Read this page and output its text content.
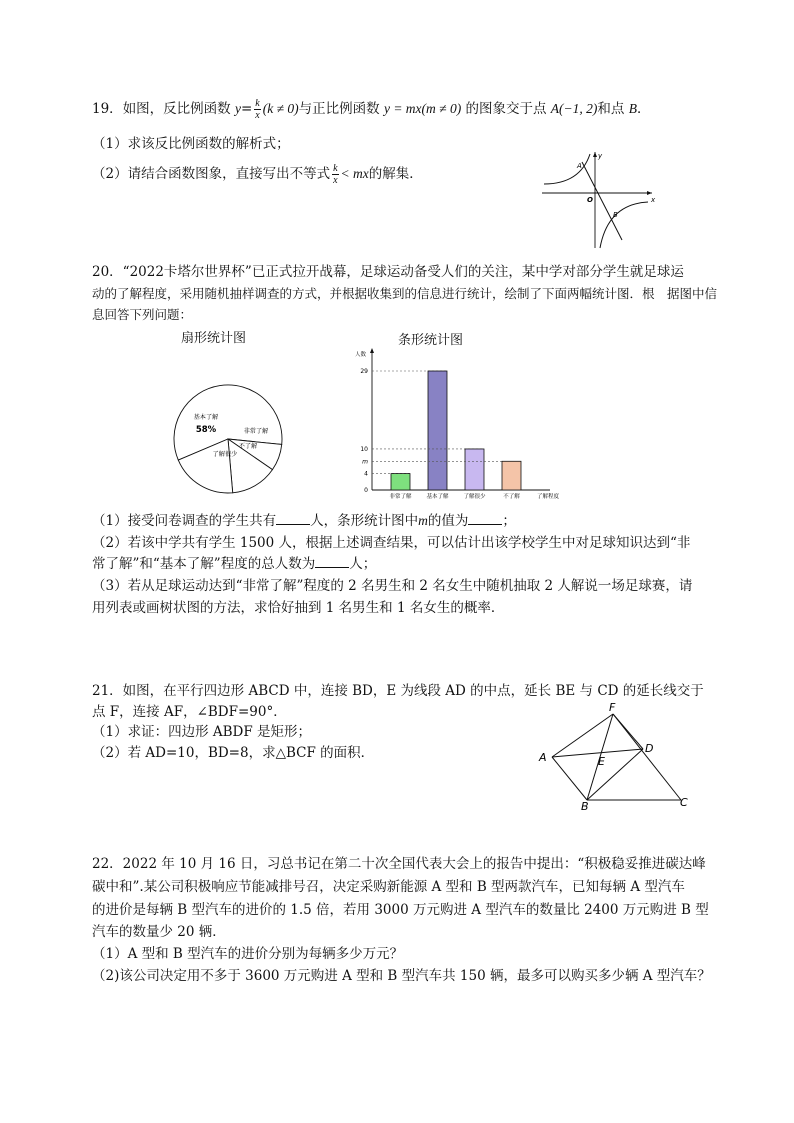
19．如图，反比例函数 $y= \frac{k}{x} (k \ne 0)$与正比例函数 y = mx(m ≠ 0) 的图象交于点 A(−1, 2)和点 B．
（1）求该反比例函数的解析式；
（2）请结合函数图象，直接写出不等式 $\frac{k}{x}$ < mx的解集．	A
B
O	x
y
20．“2022卡塔尔世界杯”已正式拉开战幕，足球运动备受人们的关注，某中学对部分学生就足球运
动的了解程度，采用随机抽样调查的方式，并根据收集到的信息进行统计，绘制了下面两幅统计图．根　据图中信
息回答下列问题：
扇形统计图	条形统计图
基本了解
非常了解
不了解
了解很少
58%
人数
了解程度
0
4
m
10
29
非常了解	基本了解	了解很少	不了解
（1）接受问卷调查的学生共有	人，条形统计图中m的值为	；
（2）若该中学共有学生 1500 人，根据上述调查结果，可以估计出该学校学生中对足球知识达到“非
常了解”和“基本了解”程度的总人数为	人；
（3）若从足球运动达到“非常了解”程度的 2 名男生和 2 名女生中随机抽取 2 人解说一场足球赛，请
用列表或画树状图的方法，求恰好抽到 1 名男生和 1 名女生的概率．
21．如图，在平行四边形 ABCD 中，连接 BD，E 为线段 AD 的中点，延长 BE 与 CD 的延长线交于
点 F，连接 AF，∠BDF=90°．
（1）求证：四边形 ABDF 是矩形；
（2）若 AD=10，BD=8，求△BCF 的面积．	A
B	C
D
E
F
22．2022 年 10 月 16 日，习总书记在第二十次全国代表大会上的报告中提出：“积极稳妥推进碳达峰
碳中和”.某公司积极响应节能减排号召，决定采购新能源 A 型和 B 型两款汽车，已知每辆 A 型汽车
的进价是每辆 B 型汽车的进价的 1.5 倍，若用 3000 万元购进 A 型汽车的数量比 2400 万元购进 B 型
汽车的数量少 20 辆．
（1）A 型和 B 型汽车的进价分别为每辆多少万元？
（2)该公司决定用不多于 3600 万元购进 A 型和 B 型汽车共 150 辆，最多可以购买多少辆 A 型汽车？
